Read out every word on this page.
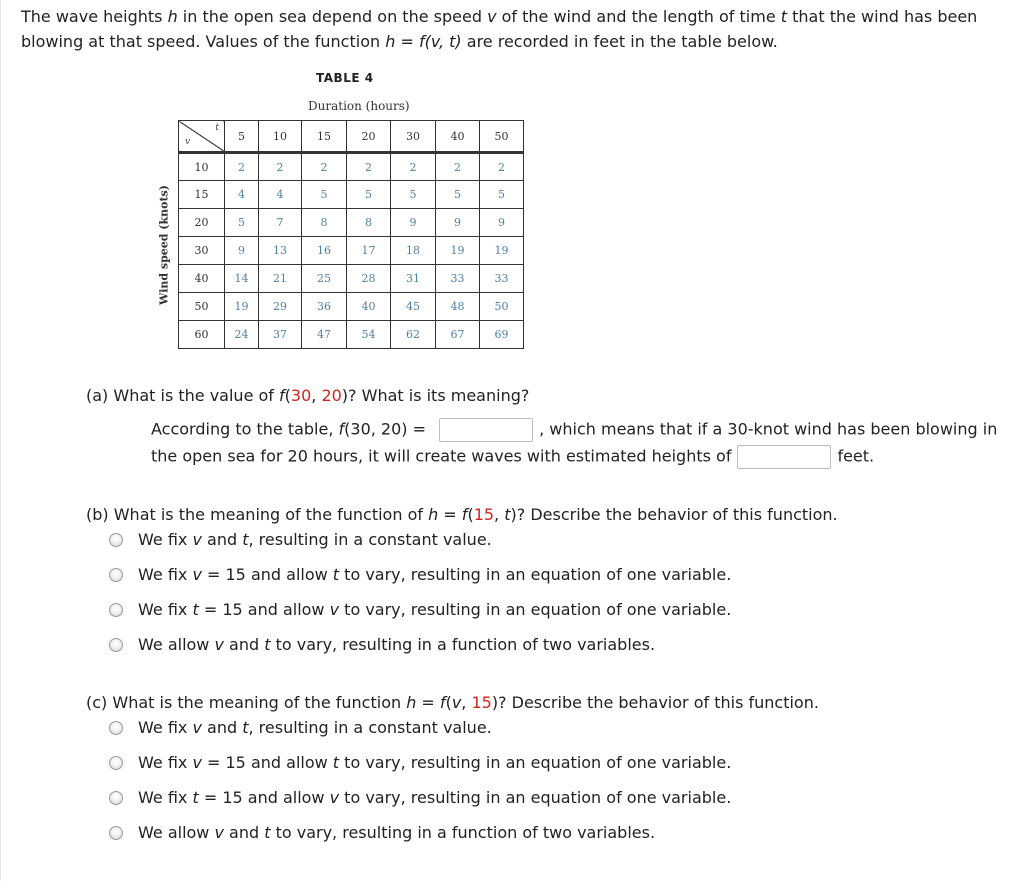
The wave heights h in the open sea depend on the speed v of the wind and the length of time t that the wind has been blowing at that speed. Values of the function h = f(v, t) are recorded in feet in the table below.
TABLE 4
Duration (hours)
Wind speed (knots)
t
v	5	10	15	20	30	40	50
10	2	2	2	2	2	2	2
15	4	4	5	5	5	5	5
20	5	7	8	8	9	9	9
30	9	13	16	17	18	19	19
40	14	21	25	28	31	33	33
50	19	29	36	40	45	48	50
60	24	37	47	54	62	67	69
(a) What is the value of f(30, 20)? What is its meaning?
According to the table, f(30, 20) =	, which means that if a 30-knot wind has been blowing in
the open sea for 20 hours, it will create waves with estimated heights of	feet.
(b) What is the meaning of the function of h = f(15, t)? Describe the behavior of this function.
We fix v and t, resulting in a constant value.
We fix v = 15 and allow t to vary, resulting in an equation of one variable.
We fix t = 15 and allow v to vary, resulting in an equation of one variable.
We allow v and t to vary, resulting in a function of two variables.
(c) What is the meaning of the function h = f(v, 15)? Describe the behavior of this function.
We fix v and t, resulting in a constant value.
We fix v = 15 and allow t to vary, resulting in an equation of one variable.
We fix t = 15 and allow v to vary, resulting in an equation of one variable.
We allow v and t to vary, resulting in a function of two variables.
